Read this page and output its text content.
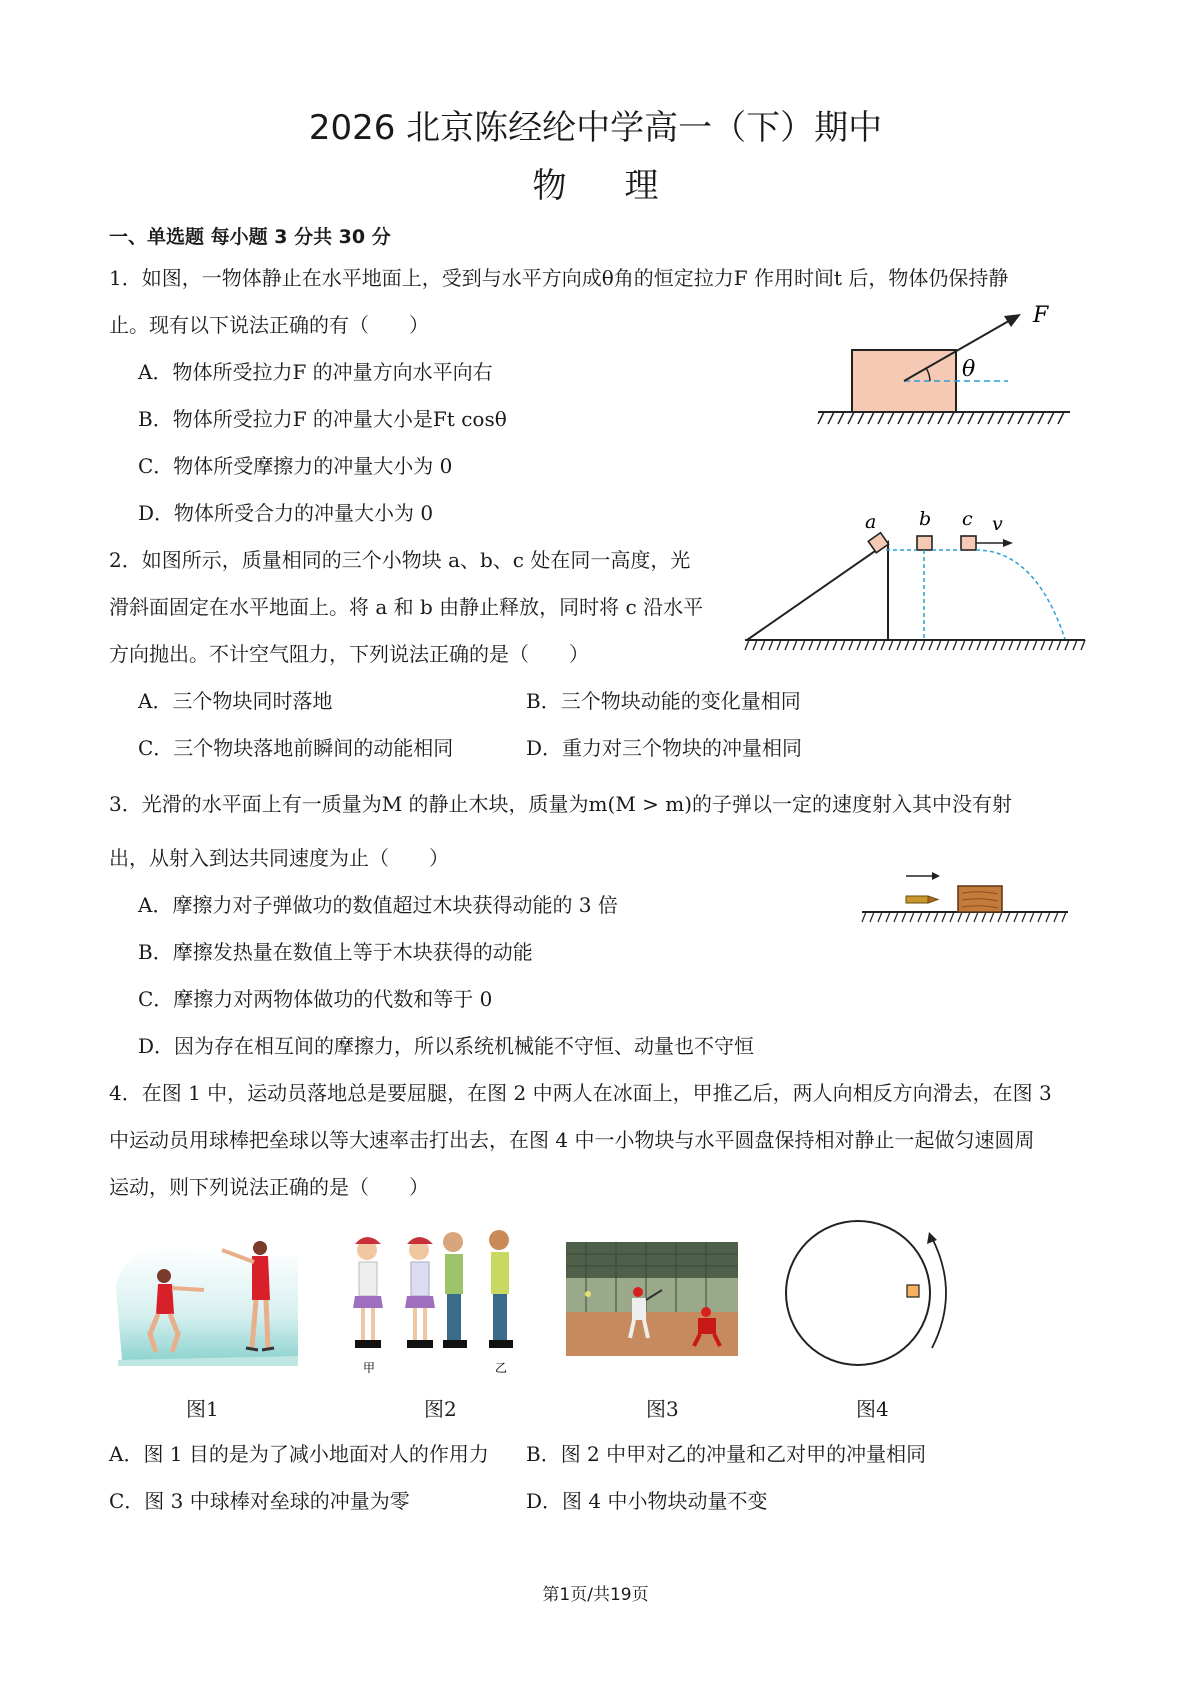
2026 北京陈经纶中学高一（下）期中
物理
一、单选题 每小题 3 分共 30 分
1．如图，一物体静止在水平地面上，受到与水平方向成θ角的恒定拉力F 作用时间t 后，物体仍保持静
止。现有以下说法正确的有（　　）
A．物体所受拉力F 的冲量方向水平向右
B．物体所受拉力F 的冲量大小是Ft cosθ
C．物体所受摩擦力的冲量大小为 0
D．物体所受合力的冲量大小为 0
θ
F
2．如图所示，质量相同的三个小物块 a、b、c 处在同一高度，光
滑斜面固定在水平地面上。将 a 和 b 由静止释放，同时将 c 沿水平
方向抛出。不计空气阻力，下列说法正确的是（　　）
A．三个物块同时落地	B．三个物块动能的变化量相同
C．三个物块落地前瞬间的动能相同	D．重力对三个物块的冲量相同
a b c v
3．光滑的水平面上有一质量为M 的静止木块，质量为m(M > m)的子弹以一定的速度射入其中没有射
出，从射入到达共同速度为止（　　）
A．摩擦力对子弹做功的数值超过木块获得动能的 3 倍
B．摩擦发热量在数值上等于木块获得的动能
C．摩擦力对两物体做功的代数和等于 0
D．因为存在相互间的摩擦力，所以系统机械能不守恒、动量也不守恒
4．在图 1 中，运动员落地总是要屈腿，在图 2 中两人在冰面上，甲推乙后，两人向相反方向滑去，在图 3
中运动员用球棒把垒球以等大速率击打出去，在图 4 中一小物块与水平圆盘保持相对静止一起做匀速圆周
运动，则下列说法正确的是（　　）
甲	乙
图1	图2	图3	图4
A．图 1 目的是为了减小地面对人的作用力 B．图 2 中甲对乙的冲量和乙对甲的冲量相同
C．图 3 中球棒对垒球的冲量为零	D．图 4 中小物块动量不变
第1页/共19页
